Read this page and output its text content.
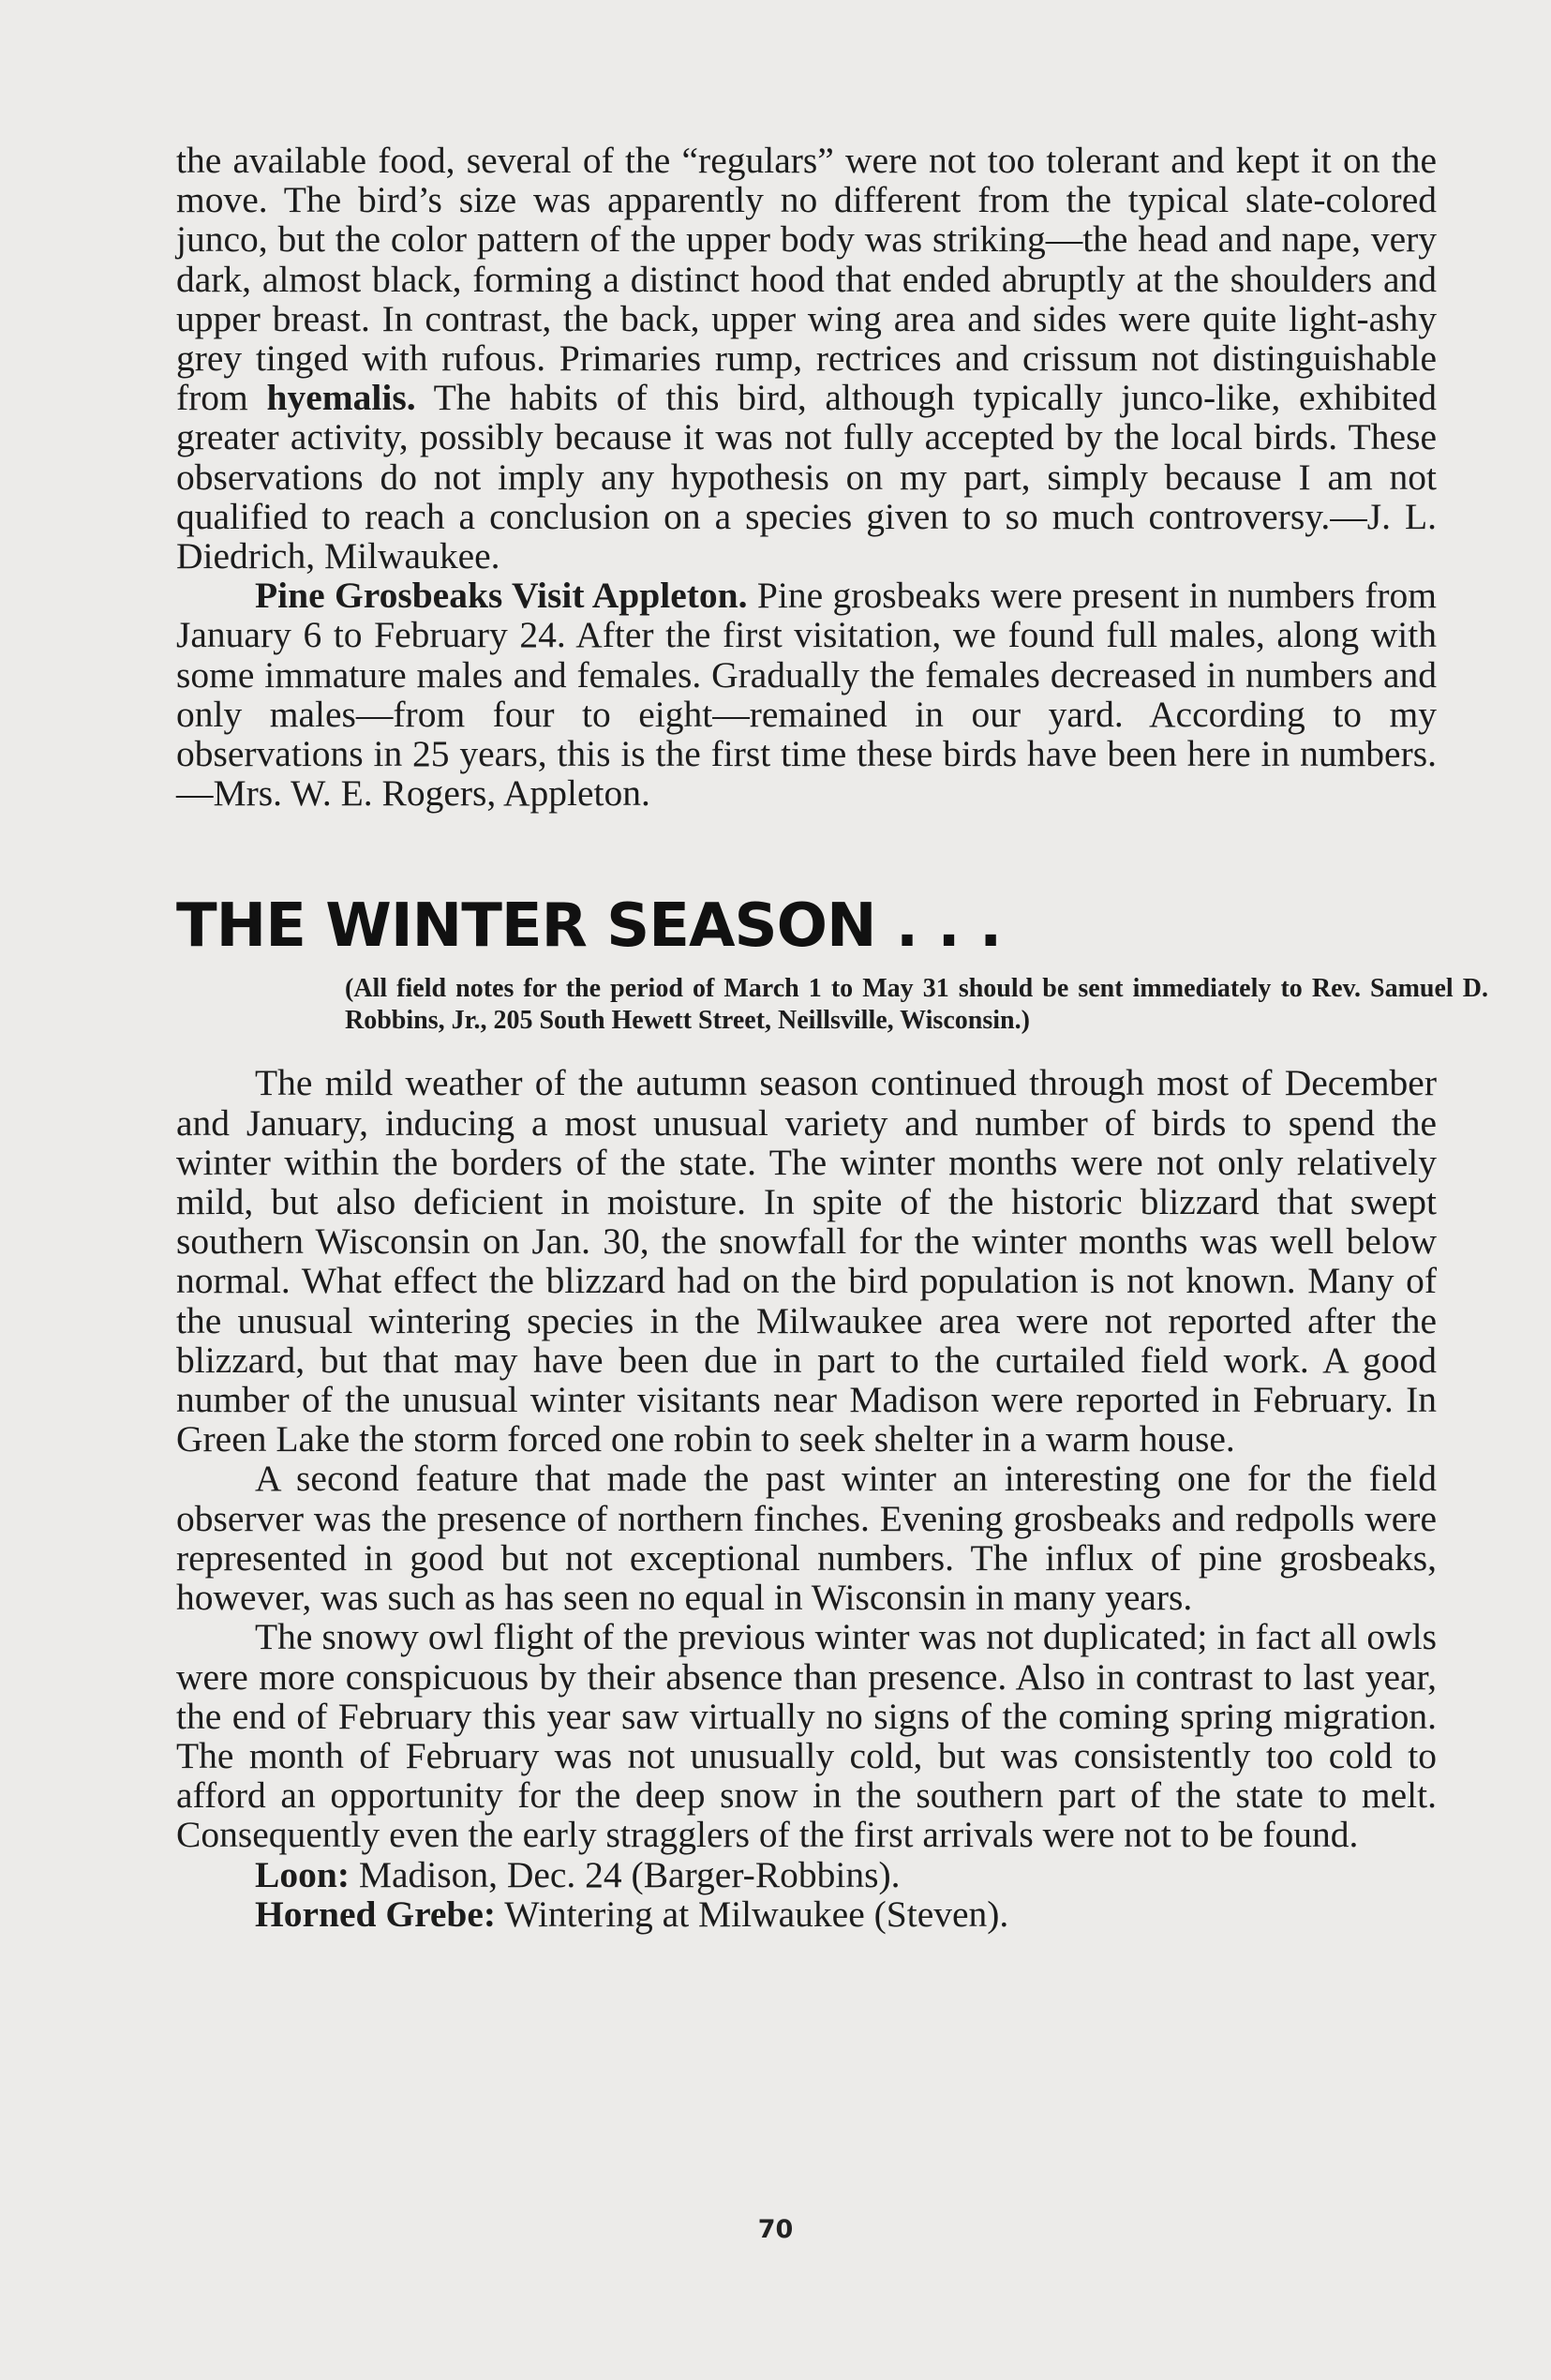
the available food, several of the “regulars” were not too tolerant and kept it on the move. The bird’s size was apparently no different from the typical slate-colored junco, but the color pattern of the upper body was striking—the head and nape, very dark, almost black, forming a distinct hood that ended abruptly at the shoulders and upper breast. In contrast, the back, upper wing area and sides were quite light-ashy grey tinged with rufous. Primaries rump, rectrices and crissum not distinguishable from hyemalis. The habits of this bird, although typically junco-like, exhibited greater activity, possibly because it was not fully accepted by the local birds. These observations do not imply any hypothesis on my part, simply because I am not qualified to reach a conclusion on a species given to so much controversy.—J. L. Diedrich, Milwaukee.

Pine Grosbeaks Visit Appleton. Pine grosbeaks were present in numbers from January 6 to February 24. After the first visitation, we found full males, along with some immature males and females. Gradually the females decreased in numbers and only males—from four to eight—remained in our yard. According to my observations in 25 years, this is the first time these birds have been here in numbers.—Mrs. W. E. Rogers, Appleton.

THE WINTER SEASON . . .

(All field notes for the period of March 1 to May 31 should be sent immediately to Rev. Samuel D. Robbins, Jr., 205 South Hewett Street, Neillsville, Wisconsin.)

The mild weather of the autumn season continued through most of December and January, inducing a most unusual variety and number of birds to spend the winter within the borders of the state. The winter months were not only relatively mild, but also deficient in moisture. In spite of the historic blizzard that swept southern Wisconsin on Jan. 30, the snowfall for the winter months was well below normal. What effect the blizzard had on the bird population is not known. Many of the unusual wintering species in the Milwaukee area were not reported after the blizzard, but that may have been due in part to the curtailed field work. A good number of the unusual winter visitants near Madison were reported in February. In Green Lake the storm forced one robin to seek shelter in a warm house.

A second feature that made the past winter an interesting one for the field observer was the presence of northern finches. Evening grosbeaks and redpolls were represented in good but not exceptional numbers. The influx of pine grosbeaks, however, was such as has seen no equal in Wisconsin in many years.

The snowy owl flight of the previous winter was not duplicated; in fact all owls were more conspicuous by their absence than presence. Also in contrast to last year, the end of February this year saw virtually no signs of the coming spring migration. The month of February was not unusually cold, but was consistently too cold to afford an opportunity for the deep snow in the southern part of the state to melt. Consequently even the early stragglers of the first arrivals were not to be found.

Loon: Madison, Dec. 24 (Barger-Robbins).

Horned Grebe: Wintering at Milwaukee (Steven).

70
